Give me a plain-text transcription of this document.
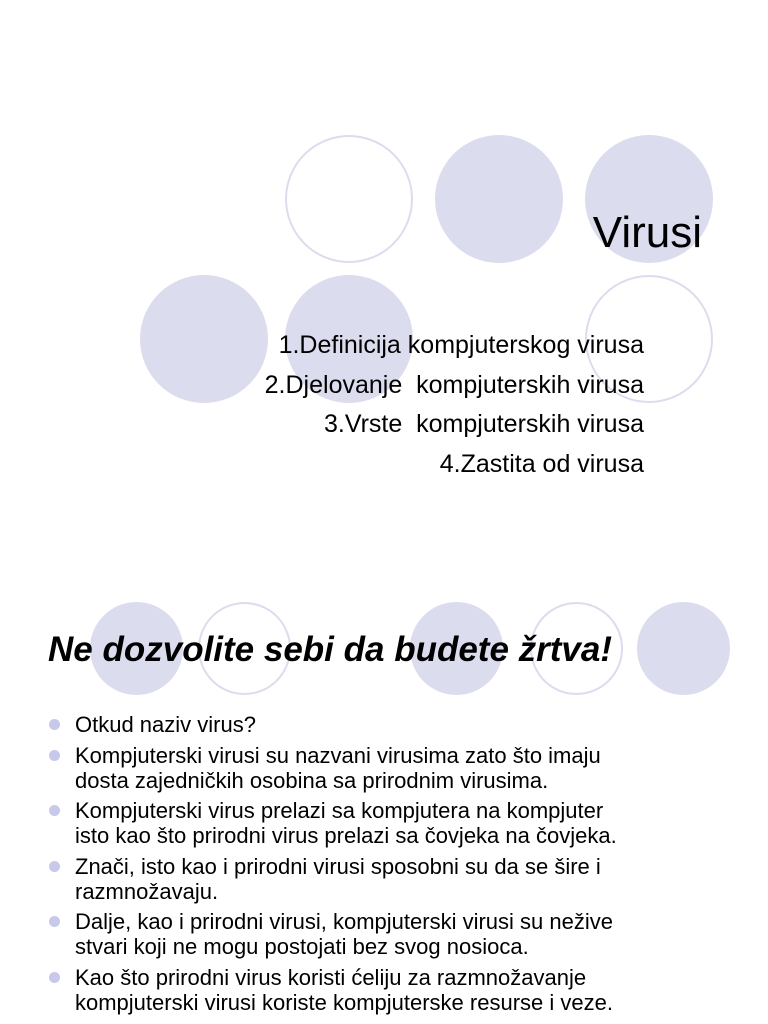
Virusi
1.Definicija kompjuterskog virusa
2.Djelovanje  kompjuterskih virusa
3.Vrste  kompjuterskih virusa
4.Zastita od virusa
Ne dozvolite sebi da budete žrtva!
Otkud naziv virus?
Kompjuterski virusi su nazvani virusima zato što imaju
dosta zajedničkih osobina sa prirodnim virusima.
Kompjuterski virus prelazi sa kompjutera na kompjuter
isto kao što prirodni virus prelazi sa čovjeka na čovjeka.
Znači, isto kao i prirodni virusi sposobni su da se šire i
razmnožavaju.
Dalje, kao i prirodni virusi, kompjuterski virusi su nežive
stvari koji ne mogu postojati bez svog nosioca.
Kao što prirodni virus koristi ćeliju za razmnožavanje
kompjuterski virusi koriste kompjuterske resurse i veze.
